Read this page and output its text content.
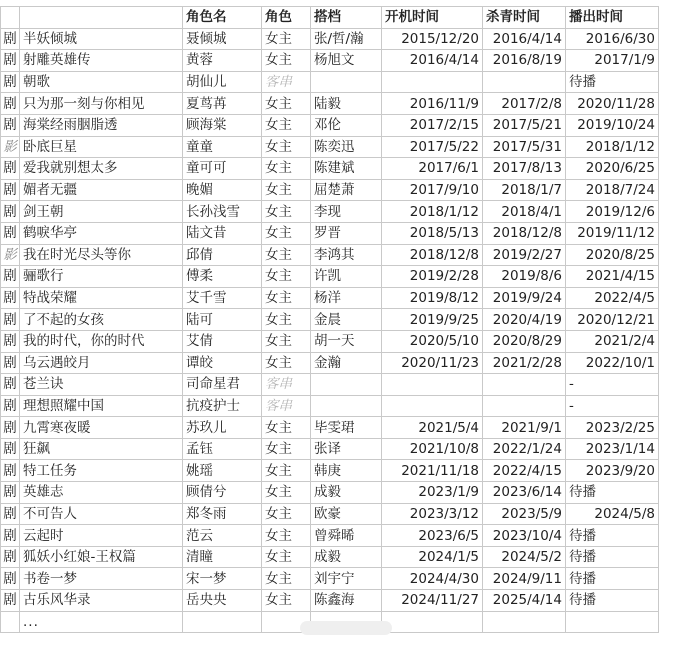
		角色名	角色	搭档	开机时间	杀青时间	播出时间
剧	半妖倾城	聂倾城	女主	张/哲/瀚	2015/12/20	2016/4/14	2016/6/30
剧	射雕英雄传	黄蓉	女主	杨旭文	2016/4/14	2016/8/19	2017/1/9
剧	朝歌	胡仙儿	客串				待播
剧	只为那一刻与你相见	夏茑苒	女主	陆毅	2016/11/9	2017/2/8	2020/11/28
剧	海棠经雨胭脂透	顾海棠	女主	邓伦	2017/2/15	2017/5/21	2019/10/24
影	卧底巨星	童童	女主	陈奕迅	2017/5/22	2017/5/31	2018/1/12
剧	爱我就别想太多	童可可	女主	陈建斌	2017/6/1	2017/8/13	2020/6/25
剧	媚者无疆	晚媚	女主	屈楚萧	2017/9/10	2018/1/7	2018/7/24
剧	剑王朝	长孙浅雪	女主	李现	2018/1/12	2018/4/1	2019/12/6
剧	鹤唳华亭	陆文昔	女主	罗晋	2018/5/13	2018/12/8	2019/11/12
影	我在时光尽头等你	邱倩	女主	李鸿其	2018/12/8	2019/2/27	2020/8/25
剧	骊歌行	傅柔	女主	许凯	2019/2/28	2019/8/6	2021/4/15
剧	特战荣耀	艾千雪	女主	杨洋	2019/8/12	2019/9/24	2022/4/5
剧	了不起的女孩	陆可	女主	金晨	2019/9/25	2020/4/19	2020/12/21
剧	我的时代，你的时代	艾倩	女主	胡一天	2020/5/10	2020/8/29	2021/2/4
剧	乌云遇皎月	谭皎	女主	金瀚	2020/11/23	2021/2/28	2022/10/1
剧	苍兰诀	司命星君	客串				-
剧	理想照耀中国	抗疫护士	客串				-
剧	九霄寒夜暖	苏玖儿	女主	毕雯珺	2021/5/4	2021/9/1	2023/2/25
剧	狂飙	孟钰	女主	张译	2021/10/8	2022/1/24	2023/1/14
剧	特工任务	姚瑶	女主	韩庚	2021/11/18	2022/4/15	2023/9/20
剧	英雄志	顾倩兮	女主	成毅	2023/1/9	2023/6/14	待播
剧	不可告人	郑冬雨	女主	欧豪	2023/3/12	2023/5/9	2024/5/8
剧	云起时	范云	女主	曾舜晞	2023/6/5	2023/10/4	待播
剧	狐妖小红娘-王权篇	清瞳	女主	成毅	2024/1/5	2024/5/2	待播
剧	书卷一梦	宋一梦	女主	刘宇宁	2024/4/30	2024/9/11	待播
剧	古乐风华录	岳央央	女主	陈鑫海	2024/11/27	2025/4/14	待播
	...						
